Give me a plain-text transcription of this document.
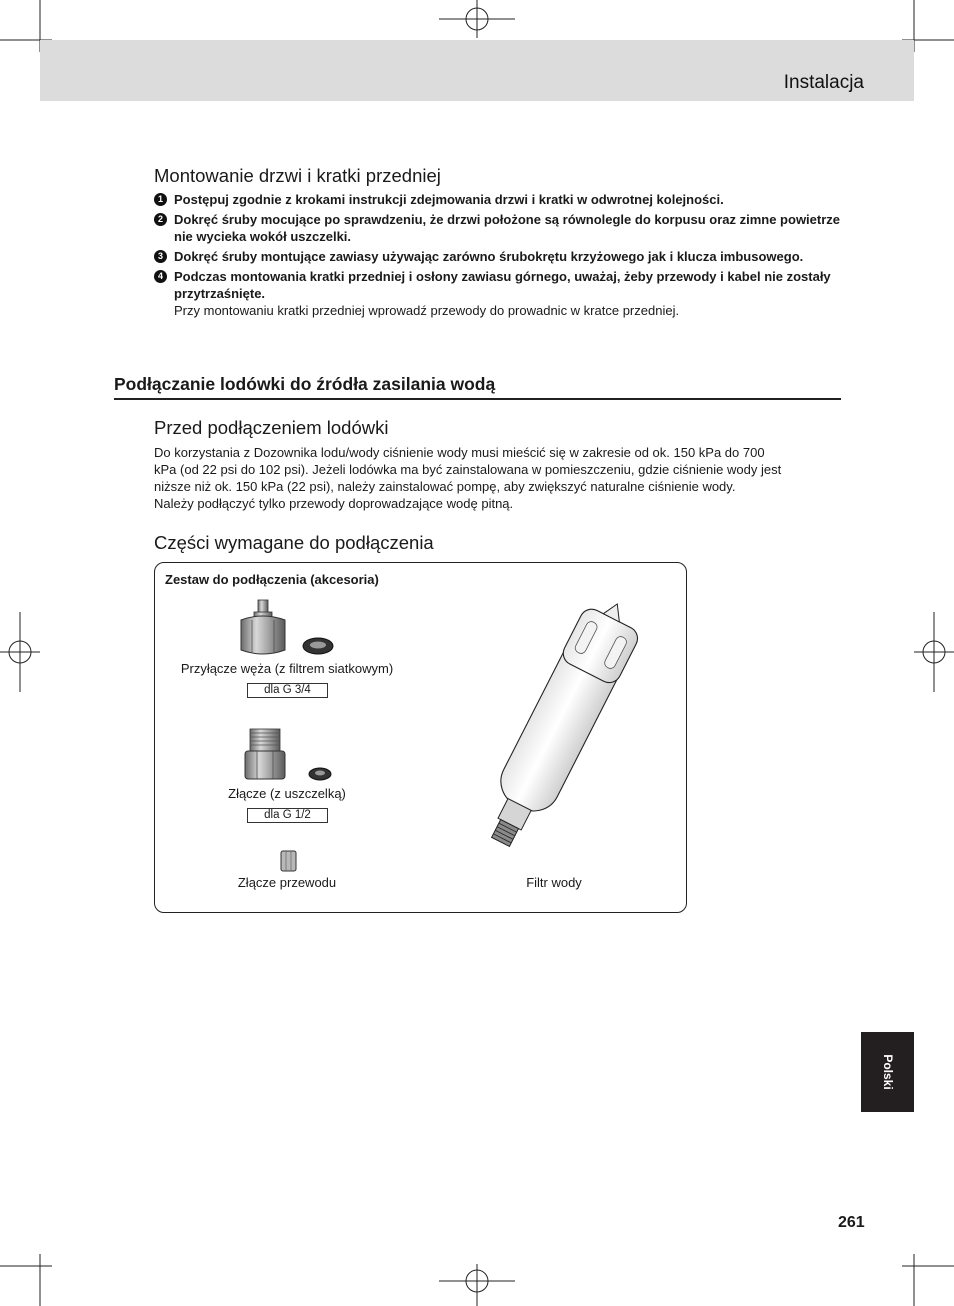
Instalacja
Montowanie drzwi i kratki przedniej
1 Postępuj zgodnie z krokami instrukcji zdejmowania drzwi i kratki w odwrotnej kolejności.
2 Dokręć śruby mocujące po sprawdzeniu, że drzwi położone są równolegle do korpusu oraz zimne powietrze nie wycieka wokół uszczelki.
3 Dokręć śruby montujące zawiasy używając zarówno śrubokrętu krzyżowego jak i klucza imbusowego.
4 Podczas montowania kratki przedniej i osłony zawiasu górnego, uważaj, żeby przewody i kabel nie zostały przytrzaśnięte.
Przy montowaniu kratki przedniej wprowadź przewody do prowadnic w kratce przedniej.
Podłączanie lodówki do źródła zasilania wodą
Przed podłączeniem lodówki
Do korzystania z Dozownika lodu/wody ciśnienie wody musi mieścić się w zakresie od ok. 150 kPa do 700
kPa (od 22 psi do 102 psi). Jeżeli lodówka ma być zainstalowana w pomieszczeniu, gdzie ciśnienie wody jest
niższe niż ok. 150 kPa (22 psi), należy zainstalować pompę, aby zwiększyć naturalne ciśnienie wody.
Należy podłączyć tylko przewody doprowadzające wodę pitną.
Części wymagane do podłączenia
Zestaw do podłączenia (akcesoria)
Przyłącze węża (z filtrem siatkowym)
dla G 3/4
Złącze (z uszczelką)
dla G 1/2
Złącze przewodu	Filtr wody
Polski
261
